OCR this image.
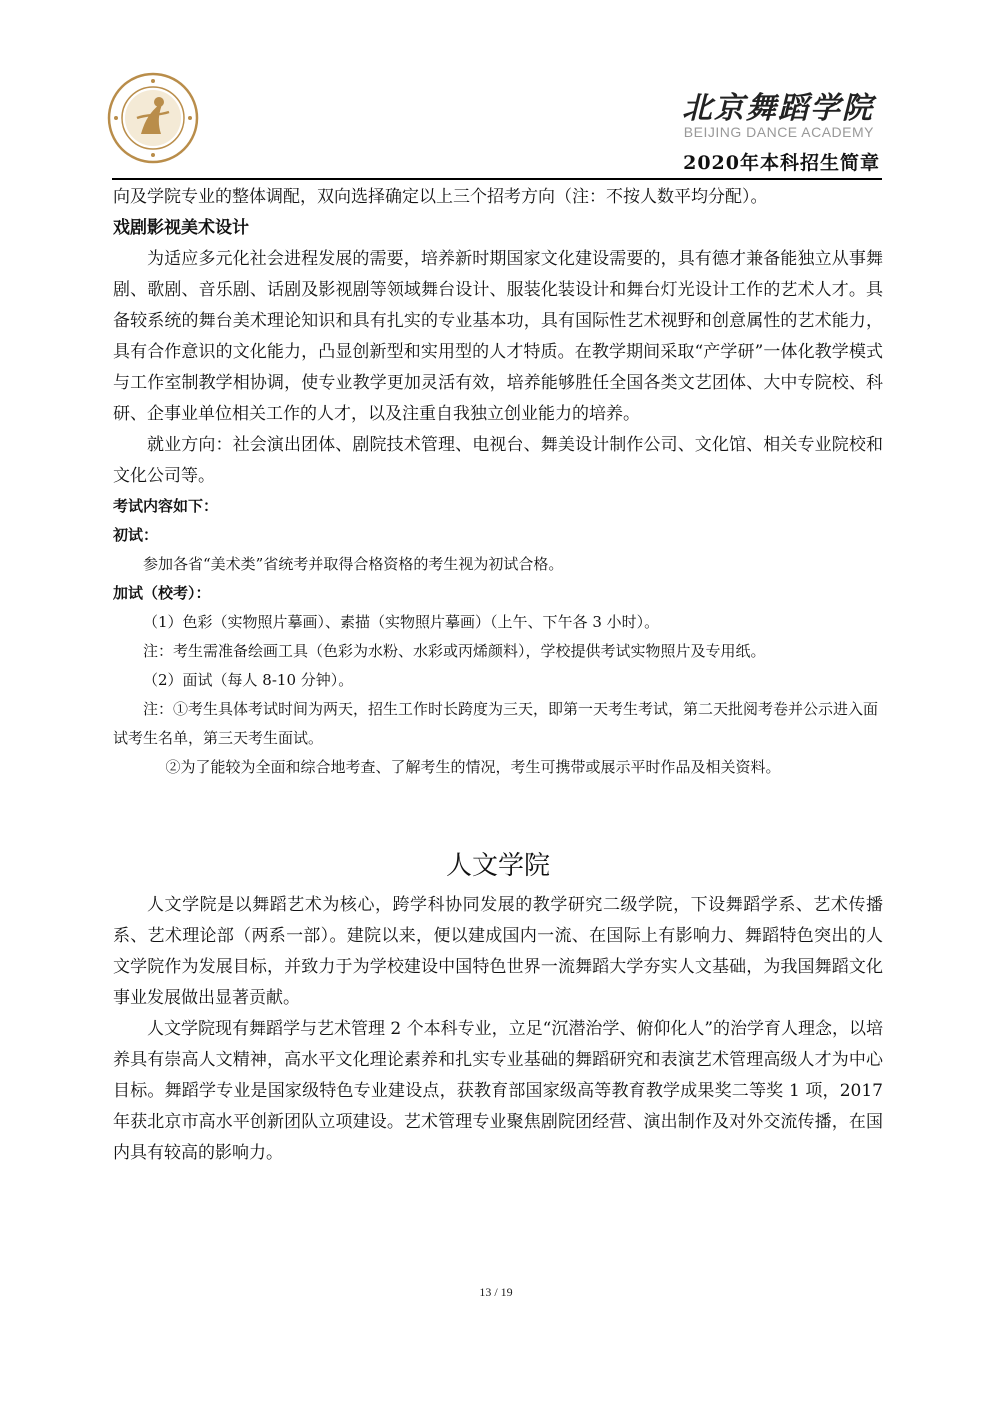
北京舞蹈学院
BEIJING DANCE ACADEMY
2020年本科招生简章

向及学院专业的整体调配，双向选择确定以上三个招考方向（注：不按人数平均分配）。

戏剧影视美术设计

为适应多元化社会进程发展的需要，培养新时期国家文化建设需要的，具有德才兼备能独立从事舞剧、歌剧、音乐剧、话剧及影视剧等领域舞台设计、服装化装设计和舞台灯光设计工作的艺术人才。具备较系统的舞台美术理论知识和具有扎实的专业基本功，具有国际性艺术视野和创意属性的艺术能力，具有合作意识的文化能力，凸显创新型和实用型的人才特质。在教学期间采取“产学研”一体化教学模式与工作室制教学相协调，使专业教学更加灵活有效，培养能够胜任全国各类文艺团体、大中专院校、科研、企事业单位相关工作的人才，以及注重自我独立创业能力的培养。

就业方向：社会演出团体、剧院技术管理、电视台、舞美设计制作公司、文化馆、相关专业院校和文化公司等。

考试内容如下：

初试：

参加各省“美术类”省统考并取得合格资格的考生视为初试合格。

加试（校考）：

（1）色彩（实物照片摹画）、素描（实物照片摹画）（上午、下午各 3 小时）。

注：考生需准备绘画工具（色彩为水粉、水彩或丙烯颜料），学校提供考试实物照片及专用纸。

（2）面试（每人 8-10 分钟）。

注：①考生具体考试时间为两天，招生工作时长跨度为三天，即第一天考生考试，第二天批阅考卷并公示进入面试考生名单，第三天考生面试。

②为了能较为全面和综合地考查、了解考生的情况，考生可携带或展示平时作品及相关资料。

人文学院

人文学院是以舞蹈艺术为核心，跨学科协同发展的教学研究二级学院，下设舞蹈学系、艺术传播系、艺术理论部（两系一部）。建院以来，便以建成国内一流、在国际上有影响力、舞蹈特色突出的人文学院作为发展目标，并致力于为学校建设中国特色世界一流舞蹈大学夯实人文基础，为我国舞蹈文化事业发展做出显著贡献。

人文学院现有舞蹈学与艺术管理 2 个本科专业，立足“沉潜治学、俯仰化人”的治学育人理念，以培养具有崇高人文精神，高水平文化理论素养和扎实专业基础的舞蹈研究和表演艺术管理高级人才为中心目标。舞蹈学专业是国家级特色专业建设点，获教育部国家级高等教育教学成果奖二等奖 1 项，2017 年获北京市高水平创新团队立项建设。艺术管理专业聚焦剧院团经营、演出制作及对外交流传播，在国内具有较高的影响力。

13 / 19
